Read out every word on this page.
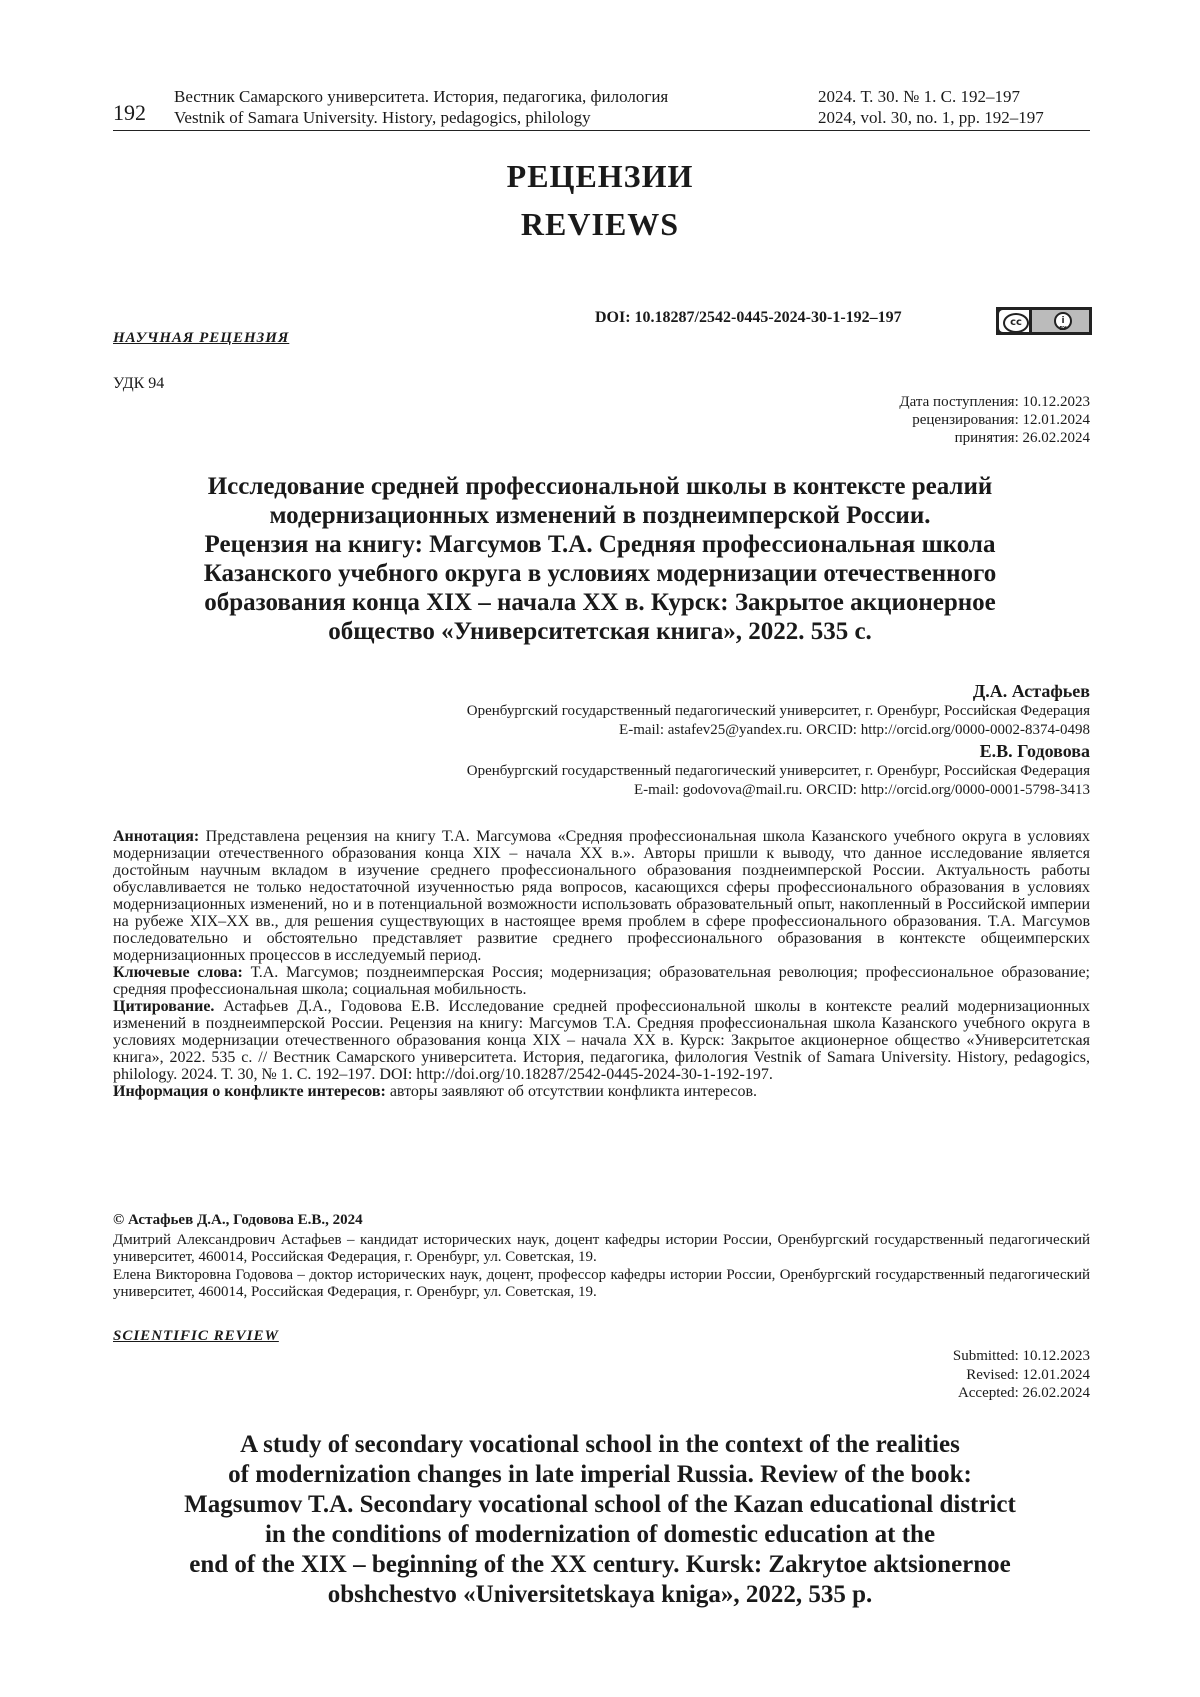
192
Вестник Самарского университета. История, педагогика, филология
Vestnik of Samara University. History, pedagogics, philology
2024. Т. 30. № 1. С. 192–197
2024, vol. 30, no. 1, pp. 192–197
РЕЦЕНЗИИ
REVIEWS
DOI: 10.18287/2542-0445-2024-30-1-192–197	cc	i
BY
НАУЧНАЯ РЕЦЕНЗИЯ
УДК 94
Дата поступления: 10.12.2023
рецензирования: 12.01.2024
принятия: 26.02.2024
Исследование средней профессиональной школы в контексте реалий
модернизационных изменений в позднеимперской России.
Рецензия на книгу: Магсумов Т.А. Средняя профессиональная школа
Казанского учебного округа в условиях модернизации отечественного
образования конца XIX – начала XX в. Курск: Закрытое акционерное
общество «Университетская книга», 2022. 535 с.
Д.А. Астафьев
Оренбургский государственный педагогический университет, г. Оренбург, Российская Федерация
E-mail: astafev25@yandex.ru. ORCID: http://orcid.org/0000-0002-8374-0498
Е.В. Годовова
Оренбургский государственный педагогический университет, г. Оренбург, Российская Федерация
E-mail: godovova@mail.ru. ORCID: http://orcid.org/0000-0001-5798-3413
Аннотация: Представлена рецензия на книгу Т.А. Магсумова «Средняя профессиональная школа Казанского учебного округа в условиях модернизации отечественного образования конца XIX – начала XX в.». Авторы пришли к выводу, что данное исследование является достойным научным вкладом в изучение среднего профессионального образования позднеимперской России. Актуальность работы обуславливается не только недостаточной изученностью ряда вопросов, касающихся сферы профессионального образования в условиях модернизационных изменений, но и в потенциальной возможности использовать образовательный опыт, накопленный в Российской империи на рубеже XIX–XX вв., для решения существующих в настоящее время проблем в сфере профессионального образования. Т.А. Магсумов последовательно и обстоятельно представляет развитие среднего профессионального образования в контексте общеимперских модернизационных процессов в исследуемый период.
Ключевые слова: Т.А. Магсумов; позднеимперская Россия; модернизация; образовательная революция; профессиональное образование; средняя профессиональная школа; социальная мобильность.
Цитирование. Астафьев Д.А., Годовова Е.В. Исследование средней профессиональной школы в контексте реалий модернизационных изменений в позднеимперской России. Рецензия на книгу: Магсумов Т.А. Средняя профессиональная школа Казанского учебного округа в условиях модернизации отечественного образования конца XIX – начала XX в. Курск: Закрытое акционерное общество «Университетская книга», 2022. 535 с. // Вестник Самарского университета. История, педагогика, филология Vestnik of Samara University. History, pedagogics, philology. 2024. Т. 30, № 1. С. 192–197. DOI: http://doi.org/10.18287/2542-0445-2024-30-1-192-197.
Информация о конфликте интересов: авторы заявляют об отсутствии конфликта интересов.
© Астафьев Д.А., Годовова Е.В., 2024
Дмитрий Александрович Астафьев – кандидат исторических наук, доцент кафедры истории России, Оренбургский государственный педагогический университет, 460014, Российская Федерация, г. Оренбург, ул. Советская, 19.
Елена Викторовна Годовова – доктор исторических наук, доцент, профессор кафедры истории России, Оренбургский государственный педагогический университет, 460014, Российская Федерация, г. Оренбург, ул. Советская, 19.
SCIENTIFIC REVIEW
Submitted: 10.12.2023
Revised: 12.01.2024
Accepted: 26.02.2024
A study of secondary vocational school in the context of the realities
of modernization changes in late imperial Russia. Review of the book:
Magsumov T.A. Secondary vocational school of the Kazan educational district
in the conditions of modernization of domestic education at the
end of the XIX – beginning of the XX century. Kursk: Zakrytoe aktsionernoe
obshchestvo «Universitetskaya kniga», 2022, 535 p.
